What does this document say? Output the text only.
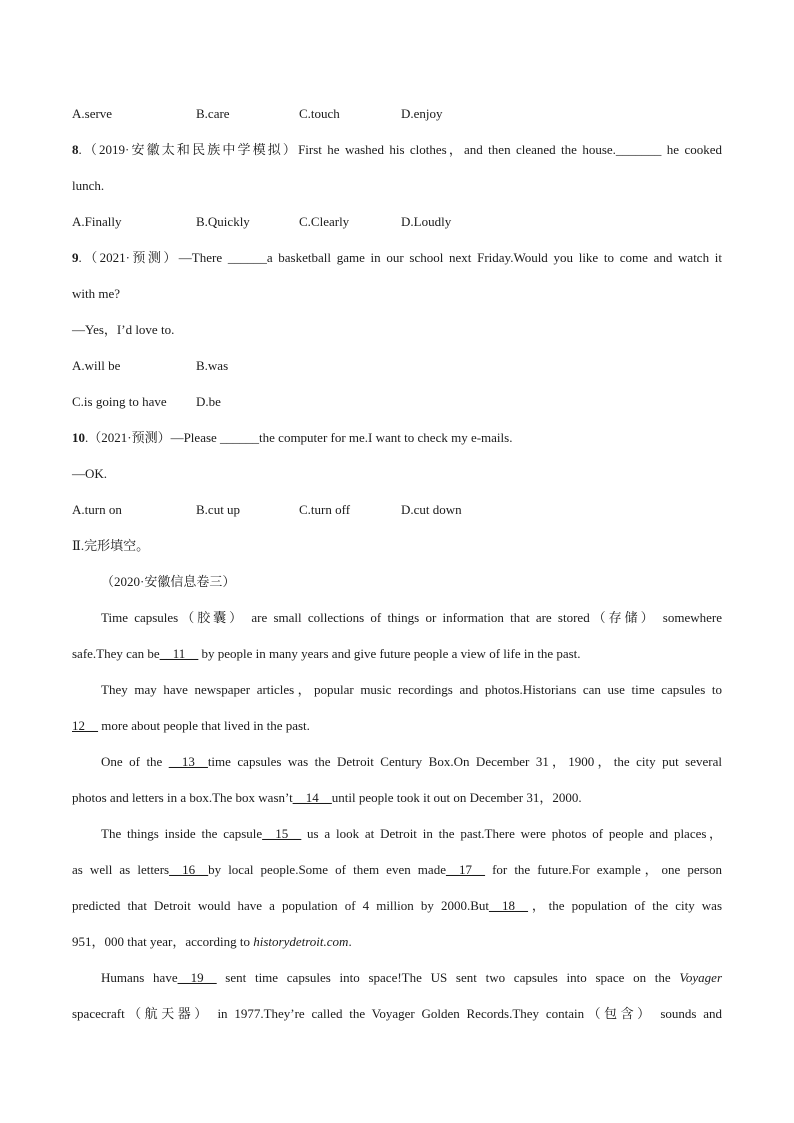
A.serve	B.care	C.touch	D.enjoy
8.（2019·安徽太和民族中学模拟）First he washed his clothes，and then cleaned the house._______ he cooked
lunch.
A.Finally	B.Quickly	C.Clearly	D.Loudly
9.（2021·预测）—There ______a basketball game in our school next Friday.Would you like to come and watch it
with me?
—Yes，I’d love to.
A.will be	B.was
C.is going to have D.be
10.（2021·预测）—Please ______the computer for me.I want to check my e-mails.
—OK.
A.turn on	B.cut up	C.turn off	D.cut down
Ⅱ.完形填空。
（2020·安徽信息卷三）
Time capsules（胶囊） are small collections of things or information that are stored（存储） somewhere
safe.They can be__11__ by people in many years and give future people a view of life in the past.
They may have newspaper articles，popular music recordings and photos.Historians can use time capsules to
12__ more about people that lived in the past.
One of the __13__time capsules was the Detroit Century Box.On December 31，1900，the city put several
photos and letters in a box.The box wasn’t__14__until people took it out on December 31，2000.
The things inside the capsule__15__ us a look at Detroit in the past.There were photos of people and places，
as well as letters__16__by local people.Some of them even made__17__ for the future.For example，one person
predicted that Detroit would have a population of 4 million by 2000.But__18__，the population of the city was
951，000 that year，according to historydetroit.com.
Humans have__19__ sent time capsules into space!The US sent two capsules into space on the Voyager
spacecraft（航天器） in 1977.They’re called the Voyager Golden Records.They contain（包含） sounds and
